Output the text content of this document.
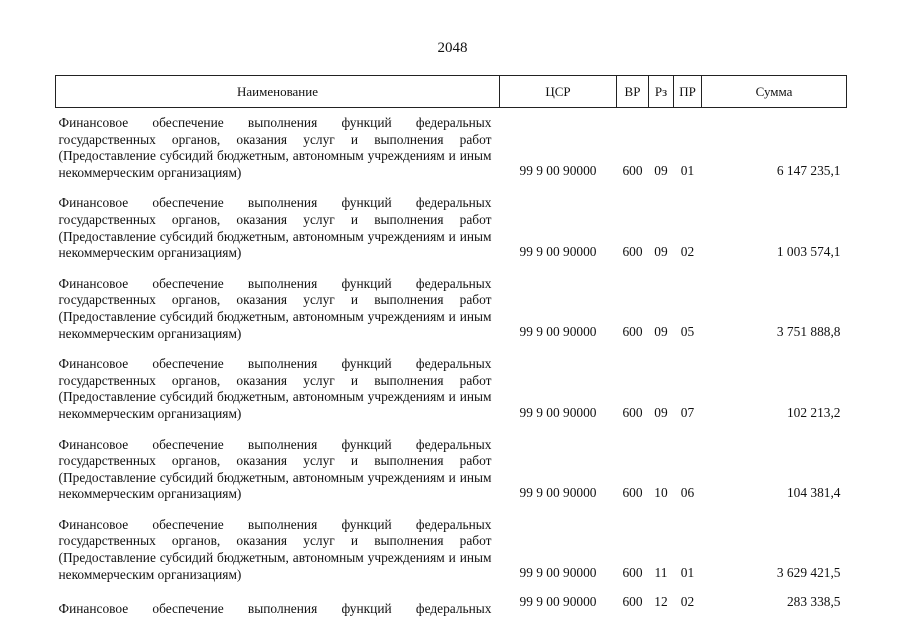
2048
Наименование	ЦСР	ВР	Рз	ПР	Сумма
Финансовое обеспечение выполнения функций федеральных государственных органов, оказания услуг и выполнения работ (Предоставление субсидий бюджетным, автономным учреждениям и иным некоммерческим организациям)	99 9 00 90000	600	09	01	6 147 235,1
Финансовое обеспечение выполнения функций федеральных государственных органов, оказания услуг и выполнения работ (Предоставление субсидий бюджетным, автономным учреждениям и иным некоммерческим организациям)	99 9 00 90000	600	09	02	1 003 574,1
Финансовое обеспечение выполнения функций федеральных государственных органов, оказания услуг и выполнения работ (Предоставление субсидий бюджетным, автономным учреждениям и иным некоммерческим организациям)	99 9 00 90000	600	09	05	3 751 888,8
Финансовое обеспечение выполнения функций федеральных государственных органов, оказания услуг и выполнения работ (Предоставление субсидий бюджетным, автономным учреждениям и иным некоммерческим организациям)	99 9 00 90000	600	09	07	102 213,2
Финансовое обеспечение выполнения функций федеральных государственных органов, оказания услуг и выполнения работ (Предоставление субсидий бюджетным, автономным учреждениям и иным некоммерческим организациям)	99 9 00 90000	600	10	06	104 381,4
Финансовое обеспечение выполнения функций федеральных государственных органов, оказания услуг и выполнения работ (Предоставление субсидий бюджетным, автономным учреждениям и иным некоммерческим организациям)	99 9 00 90000	600	11	01	3 629 421,5
Финансовое обеспечение выполнения функций федеральных	99 9 00 90000	600	12	02	283 338,5
